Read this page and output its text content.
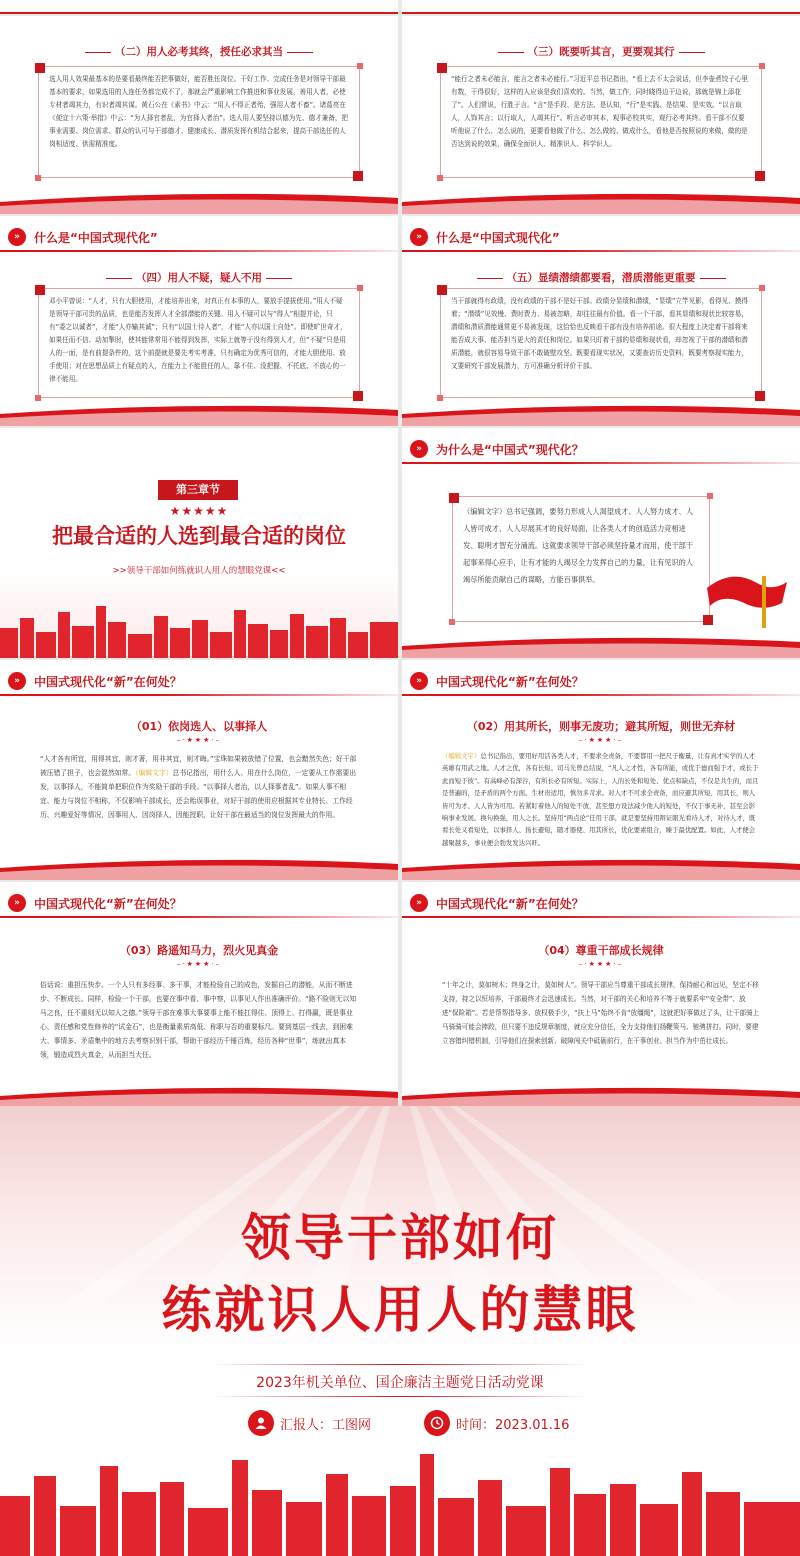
（二）用人必考其终，授任必求其当
选人用人效果最基本的是要看最终能否把事做好，能否胜任岗位。干好工作、完成任务是对领导干部最基本的要求，如果选用的人连任务都完成不了，那就会严重影响工作推进和事业发展，善用人者，必使专材者竭其力，有识者竭其谋。黄石公在《素书》中云：“用人不得正者殆，强用人者不畜”。诸葛亮在《便宜十六策·举措》中云：“为人择官者乱，为官择人者治”。选人用人要坚持以德为先、德才兼备，把事业需要、岗位需求、群众的认可与干部德才、健康成长、潜质发挥有机结合起来，提高干部选任的人岗相适度、供需精准度。
（三）既要听其言，更要观其行
“能行之者未必能言，能言之者未必能行。”习近平总书记指出，“看上去不太会说话，但李壶煮饺子心里有数，干得很好，这样的人应该是我们喜欢的。当然，做工作，同时晓得边干边说，那就是锦上添花了”。人们常说，行胜于言。“言”是手段、是方法、是认知，“行”是实践、是结果、是实效。“以言取人，人饰其言；以行取人，人竭其行”。听言必审其本，观事必校其实，观行必考其终。看干部不仅要听他说了什么、怎么说的，更要看他做了什么、怎么做的、做成什么，看他是否按照说的来做，做的是否达到说的效果，确保全面识人、精准识人、科学识人。
» 什么是“中国式现代化”
（四）用人不疑，疑人不用
邓小平曾说：“人才，只有大胆使用，才能培养出来，对真正有本事的人，要放手提拔使用。”用人不疑是领导干部可贵的品质，也是能否发挥人才全部潜能的关键。用人不疑可以与“得人”相提并论，只有“委之以诚者”，才能“人亦输其诚”；只有“以国士待人者”，才能“人亦以国士自处”。即使旷世奇才，如果任而不信、动加掣肘，使其能常常用不能得到发挥，实际上就等于没有得到人才，但“不疑”只是用人的一面，是有前提条件的，这个前提就是要先考实考准，只有确定为优秀可信的，才能大胆使用、放手使用；对在思想品质上有疑点的人，在能力上不能胜任的人，靠不住、没把握、不托底、不放心的一律不能用。
» 什么是“中国式现代化”
（五）显绩潜绩都要看，潜质潜能更重要
当干部就得有政绩，没有政绩的干部不是好干部。政绩分显绩和潜绩，“显绩”立竿见影，看得见、摸得着；“潜绩”见效慢、费时费力、易被忽略，却往往最有价值。看一个干部，看其显绩和现状比较容易，潜绩和潜质潜能通常更不易被发现，这恰恰也反映看干部有没有培养前途。很大程度上决定着干部将来能否成大事、能否担当更大的责任和岗位。如果只盯着干部的显绩和现状看，却忽视了干部的潜绩和潜质潜能，就很容易导致干部不敢破壁攻坚。既要看现实状况，又要查访历史资料，既要考察现实能力，又要研究干部发展潜力，方可准确分析评价干部。
第三章节
★★★★★
把最合适的人选到最合适的岗位
>>领导干部如何练就识人用人的慧眼党课<<
» 为什么是“中国式”现代化？
（编辑文字）总书记强调，要努力形成人人渴望成才、人人努力成才、人人皆可成才、人人尽展其才的良好局面，让各类人才的创造活力竞相迸发、聪明才智充分涌流。这就要求领导干部必须坚持量才而用，使干部干起事来得心应手，让有才能的人竭尽全力发挥自己的力量，让有见识的人竭尽所能贡献自己的谋略，方能百事俱举。
» 中国式现代化“新”在何处？
（01）依岗选人、以事择人
–·★★★·–
“人才各有所宜，用得其宜，则才著，用非其宜，则才晦。”宝珠如果被放错了位置，也会黯然失色；好干部被压错了担子，也会混然如常。（编辑文字）总书记指出，用什么人、用在什么岗位，一定要从工作需要出发，以事择人，不能简单把职位作为奖励干部的手段。“以事择人者治，以人择事者乱”。如果人事不相宜、能力与岗位不相称，不仅影响干部成长，还会贻误事业，对好干部的使用应根据其专业特长、工作经历、兴趣爱好等情况，因事用人、因岗择人、因能授职，让好干部在最适当的岗位发挥最大的作用。
» 中国式现代化“新”在何处？
（02）用其所长，则事无废功；避其所短，则世无弃材
–·★★★·–
（编辑文字）总书记指出，要用好用活各类人才，不要求全责备，不要都用一把尺子衡量，让有真才实学的人才英雄有用武之地。人才之优，各有长短。司马光曾总结说，“凡人之才性，各有所能，或优于德而强于才，或长于此而短于彼”。有高峰必有深谷，有所长必有所短。实际上，人的长处和短处、优点和缺点，不仅是共生的，而且是普遍的，是矛盾的两个方面。生材贵适用，慎勿多苛求。对人才不可求全责备，而应避其所短、用其长，则人皆可为才、人人皆为可用。若紧盯着他人的短处不放，甚至想方设法减少他人的短处，不仅于事无补，甚至会影响事业发展。换句换强，用人之长。坚持用“两点论”任用干部，就是要坚持用辩证眼光看待人才，对待人才，既看长处又看短处，以事择人、扬长避短，随才器使、用其所长，优化要素组合，臻于最优配置。如此，人才便会越聚越多，事业便会勃发发达兴旺。
» 中国式现代化“新”在何处？
（03）路遥知马力，烈火见真金
–·★★★·–
俗话说：重担压快步。一个人只有多经事、多干事，才能检验自己的成色，发掘自己的潜能，从而不断进步、不断成长。同样，检验一个干部，也要在事中看、事中察，以事见人作出准确评价。“路不险则无以知马之良，任不重则无以知人之德。”领导干部在难事大事要事上能不能扛得住、顶得上、打得赢，既是事业心、责任感和党性修养的“试金石”，也是衡量素质高低、称职与否的重要标尺。要到基层一线去，到困难大、事情多、矛盾集中的地方去考察识别干部，帮助干部经历千锤百炼，经历各种“世事”，练就出真本领，锻造成烈火真金，从而担当大任。
» 中国式现代化“新”在何处？
（04）尊重干部成长规律
–·★★★·–
“十年之计，莫如树木；终身之计，莫如树人”。领导干部应当尊重干部成长规律，保持耐心和远见，坚定不移支持，持之以恒培养，干部最终才会迅速成长。当然，对干部的关心和培养不等于就要系牢“安全带”、放进“保险箱”。若是帮帮指导多、放权极手少，“扶上马”始终不肯“放缰绳”，这就把好事做过了头，让干部骑上马骑骑可能会捧跤，但只要不违反规章制度，就应充分信任，全力支持他们扬鞭策马、驰骋拼打。同时，要建立容错纠错机制，引导他们在探索创新、破障闯关中砥砺前行，在干事创业、担当作为中茁壮成长。
领导干部如何
练就识人用人的慧眼
2023年机关单位、国企廉洁主题党日活动党课
汇报人：工图网	时间：2023.01.16
